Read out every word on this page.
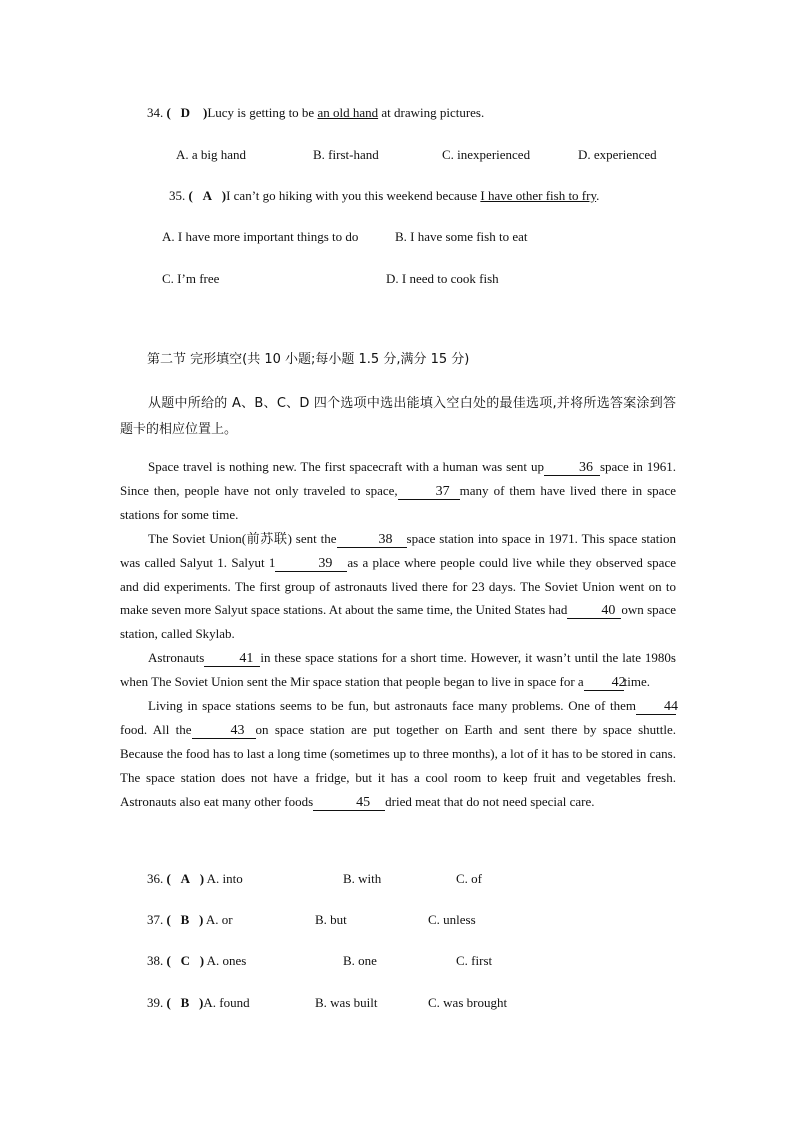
34. ( D )Lucy is getting to be an old hand at drawing pictures.
A. a big hand	B. first-hand	C. inexperienced	D. experienced
35. ( A )I can’t go hiking with you this weekend because I have other fish to fry.
A. I have more important things to do	B. I have some fish to eat
C. I’m free	D. I need to cook fish
第二节 完形填空(共 10 小题;每小题 1.5 分,满分 15 分)

从题中所给的 A、B、C、D 四个选项中选出能填入空白处的最佳选项,并将所选答案涂到答题卡的相应位置上。

Space travel is nothing new. The first spacecraft with a human was sent up	36 space in 1961. Since then, people have not only traveled to space,	37 many of them have lived there in space stations for some time.

The Soviet Union(前苏联) sent the	38 space station into space in 1971. This space station was called Salyut 1. Salyut 1	39 as a place where people could live while they observed space and did experiments. The first group of astronauts lived there for 23 days. The Soviet Union went on to make seven more Salyut space stations. At about the same time, the United States had 40 own space station, called Skylab.

Astronauts	41 in these space stations for a short time. However, it wasn’t until the late 1980s when The Soviet Union sent the Mir space station that people began to live in space for a 42time.

Living in space stations seems to be fun, but astronauts face many problems. One of them 44food. All the	43 on space station are put together on Earth and sent there by space shuttle. Because the food has to last a long time (sometimes up to three months), a lot of it has to be stored in cans. The space station does not have a fridge, but it has a cool room to keep fruit and vegetables fresh. Astronauts also eat many other foods	45 dried meat that do not need special care.

36. ( A ) A. into	B. with	C. of
37. ( B ) A. or	B. but	C. unless
38. ( C ) A. ones	B. one	C. first
39. ( B )A. found	B. was built	C. was brought
